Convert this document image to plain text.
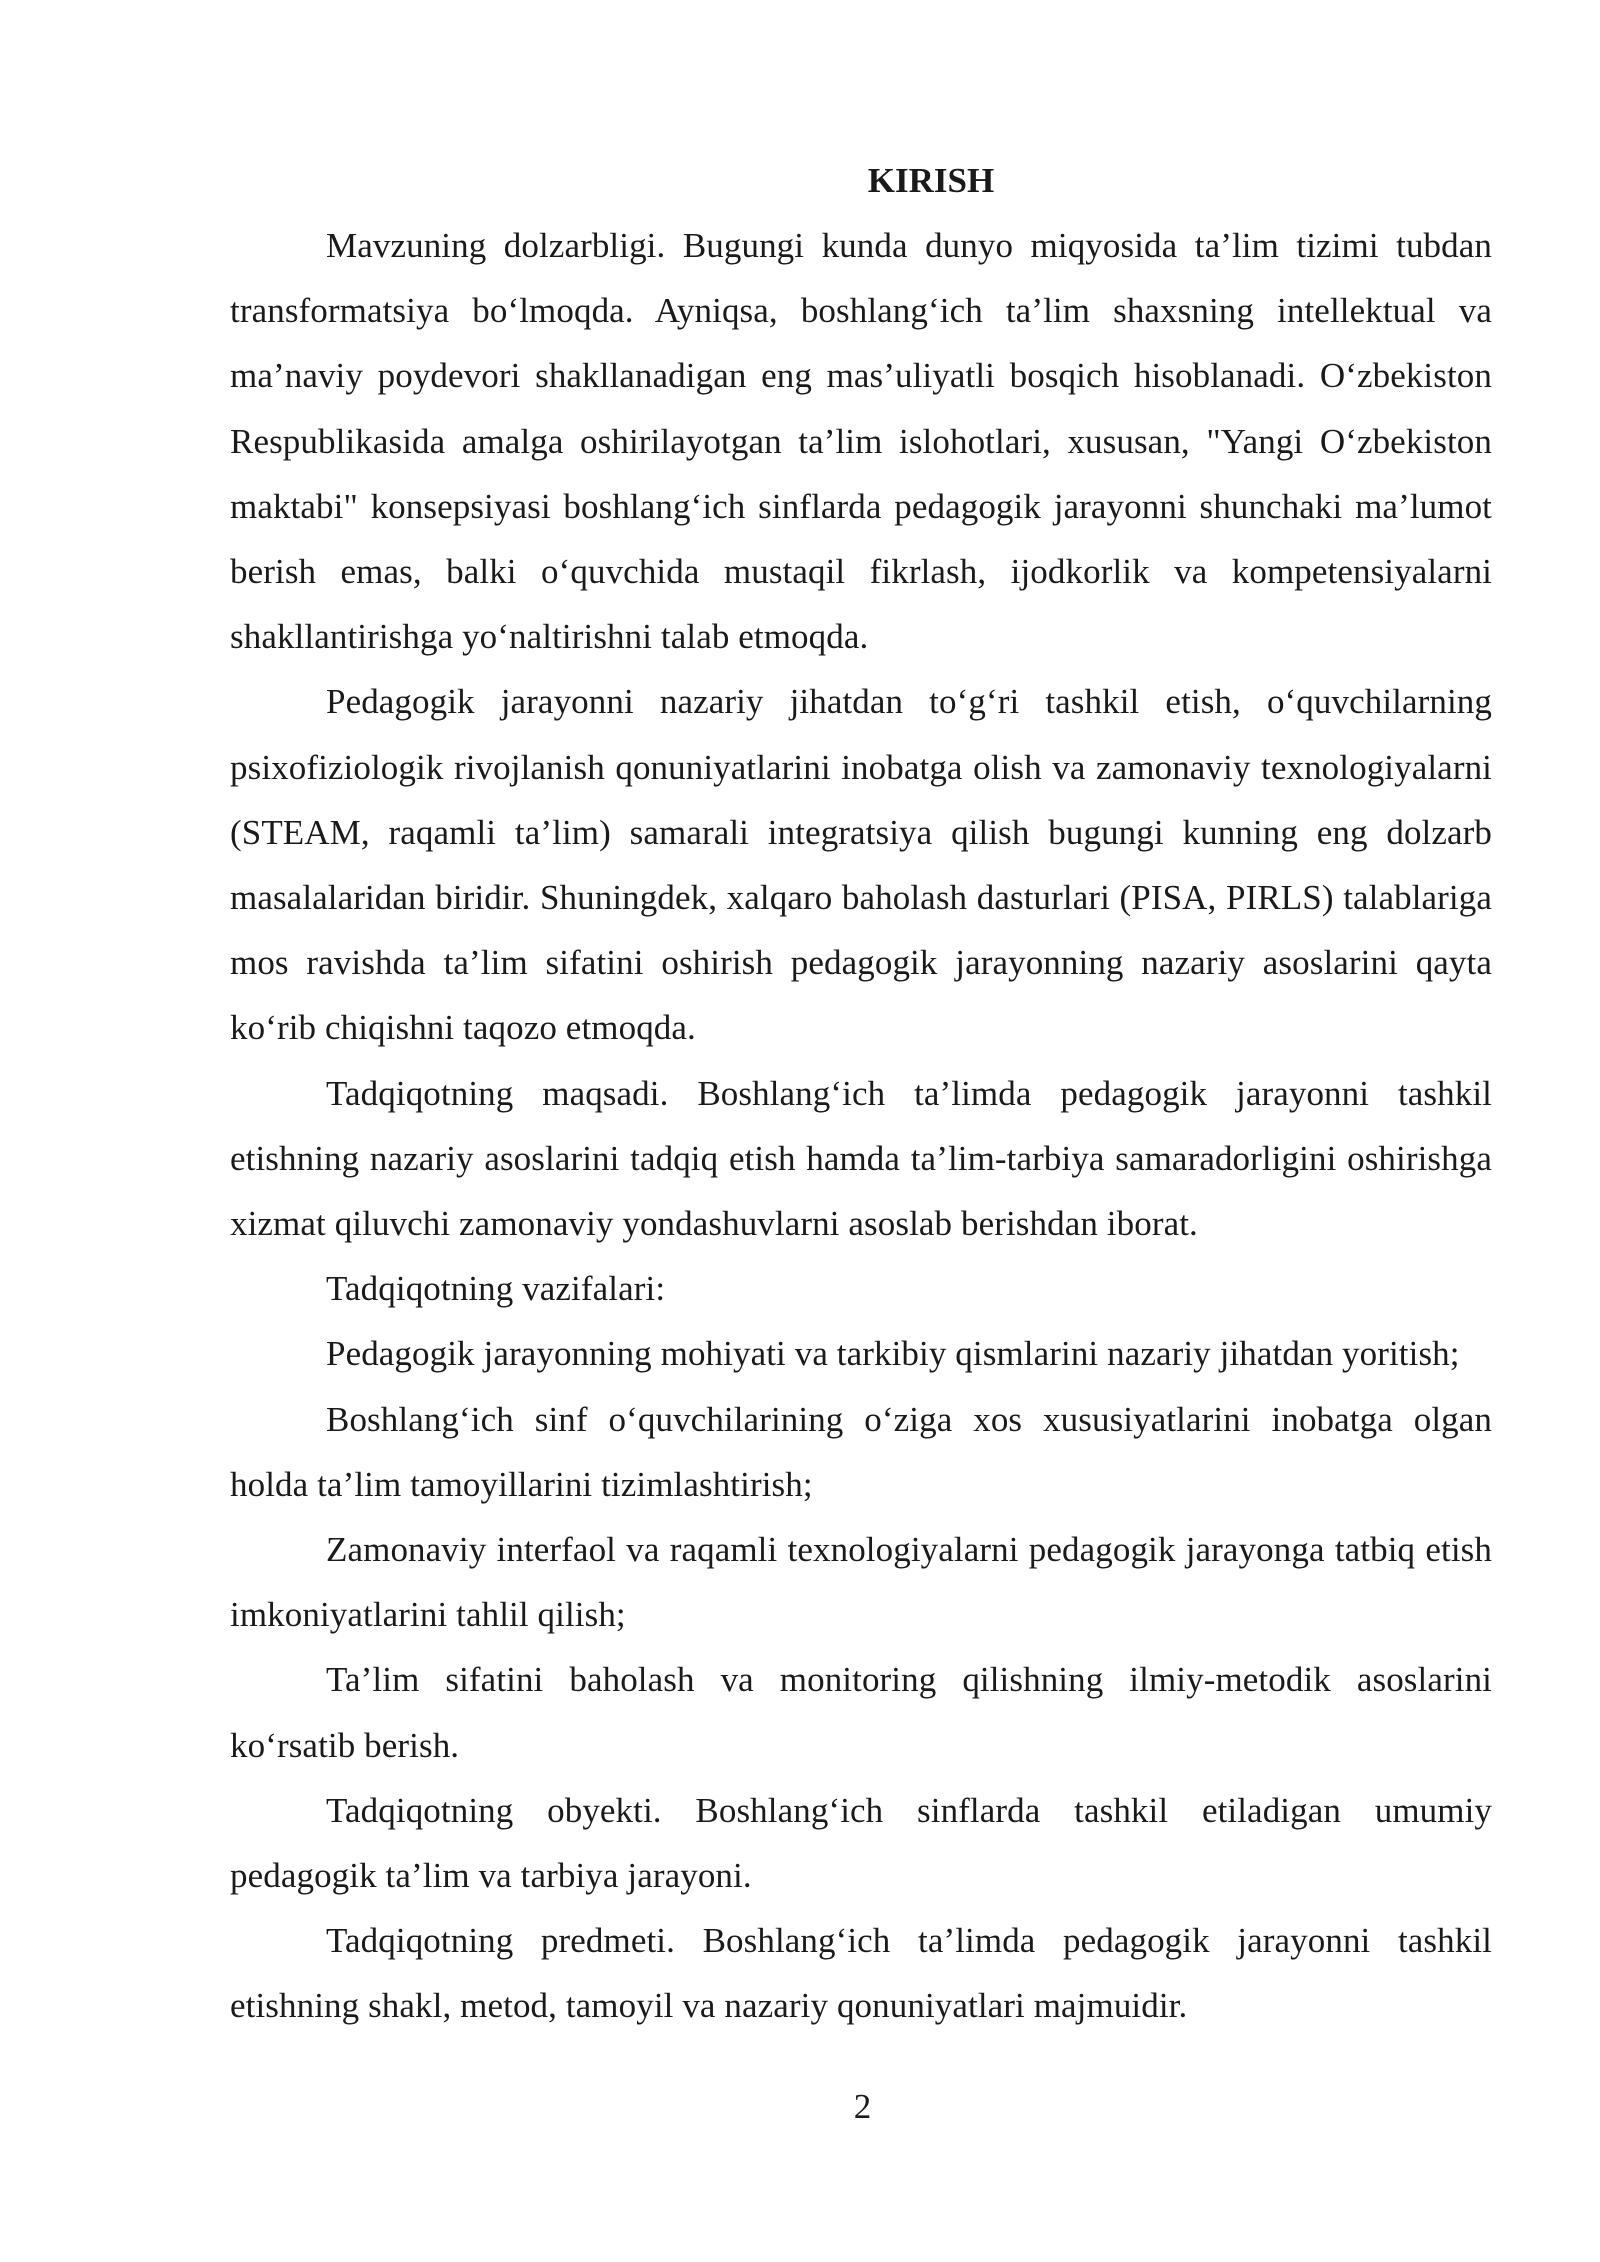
KIRISH

Mavzuning dolzarbligi. Bugungi kunda dunyo miqyosida ta’lim tizimi tubdan transformatsiya bo‘lmoqda. Ayniqsa, boshlang‘ich ta’lim shaxsning intellektual va ma’naviy poydevori shakllanadigan eng mas’uliyatli bosqich hisoblanadi. O‘zbekiston Respublikasida amalga oshirilayotgan ta’lim islohotlari, xususan, "Yangi O‘zbekiston maktabi" konsepsiyasi boshlang‘ich sinflarda pedagogik jarayonni shunchaki ma’lumot berish emas, balki o‘quvchida mustaqil fikrlash, ijodkorlik va kompetensiyalarni shakllantirishga yo‘naltirishni talab etmoqda.

Pedagogik jarayonni nazariy jihatdan to‘g‘ri tashkil etish, o‘quvchilarning psixofiziologik rivojlanish qonuniyatlarini inobatga olish va zamonaviy texnologiyalarni (STEAM, raqamli ta’lim) samarali integratsiya qilish bugungi kunning eng dolzarb masalalaridan biridir. Shuningdek, xalqaro baholash dasturlari (PISA, PIRLS) talablariga mos ravishda ta’lim sifatini oshirish pedagogik jarayonning nazariy asoslarini qayta ko‘rib chiqishni taqozo etmoqda.

Tadqiqotning maqsadi. Boshlang‘ich ta’limda pedagogik jarayonni tashkil etishning nazariy asoslarini tadqiq etish hamda ta’lim-tarbiya samaradorligini oshirishga xizmat qiluvchi zamonaviy yondashuvlarni asoslab berishdan iborat.

Tadqiqotning vazifalari:

Pedagogik jarayonning mohiyati va tarkibiy qismlarini nazariy jihatdan yoritish;

Boshlang‘ich sinf o‘quvchilarining o‘ziga xos xususiyatlarini inobatga olgan holda ta’lim tamoyillarini tizimlashtirish;

Zamonaviy interfaol va raqamli texnologiyalarni pedagogik jarayonga tatbiq etish imkoniyatlarini tahlil qilish;

Ta’lim sifatini baholash va monitoring qilishning ilmiy-metodik asoslarini ko‘rsatib berish.

Tadqiqotning obyekti. Boshlang‘ich sinflarda tashkil etiladigan umumiy pedagogik ta’lim va tarbiya jarayoni.

Tadqiqotning predmeti. Boshlang‘ich ta’limda pedagogik jarayonni tashkil etishning shakl, metod, tamoyil va nazariy qonuniyatlari majmuidir.

2
